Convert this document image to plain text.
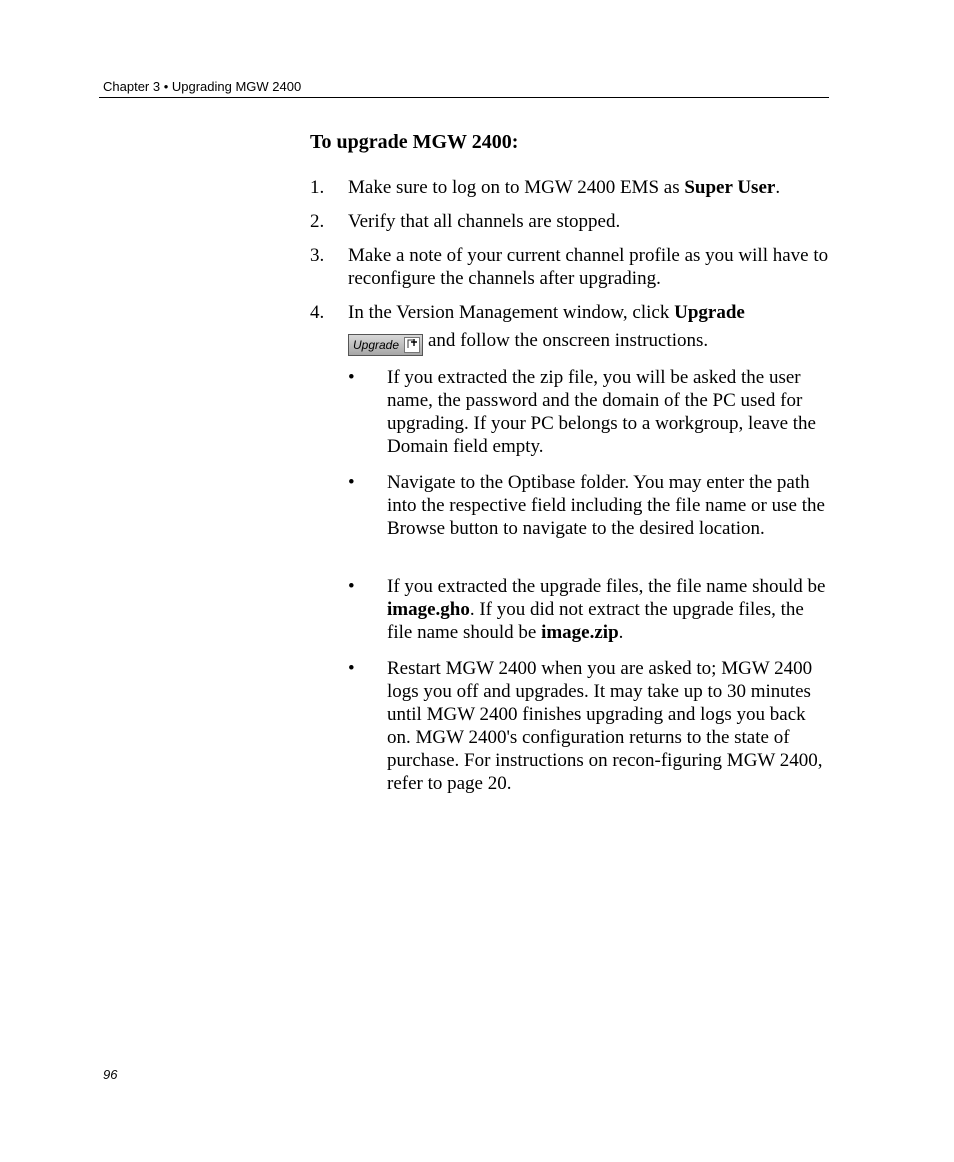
Chapter 3 • Upgrading MGW 2400
To upgrade MGW 2400:
1. Make sure to log on to MGW 2400 EMS as Super User.
2. Verify that all channels are stopped.
3. Make a note of your current channel profile as you will have to reconfigure the channels after upgrading.
4. In the Version Management window, click Upgrade

Upgrade and follow the onscreen instructions.
• If you extracted the zip file, you will be asked the user name, the password and the domain of the PC used for upgrading. If your PC belongs to a workgroup, leave the Domain field empty.
• Navigate to the Optibase folder. You may enter the path into the respective field including the file name or use the Browse button to navigate to the desired location.
• If you extracted the upgrade files, the file name should be image.gho. If you did not extract the upgrade files, the file name should be image.zip.
• Restart MGW 2400 when you are asked to; MGW 2400 logs you off and upgrades. It may take up to 30 minutes until MGW 2400 finishes upgrading and logs you back on. MGW 2400's configuration returns to the state of purchase. For instructions on recon-figuring MGW 2400, refer to page 20.
96
